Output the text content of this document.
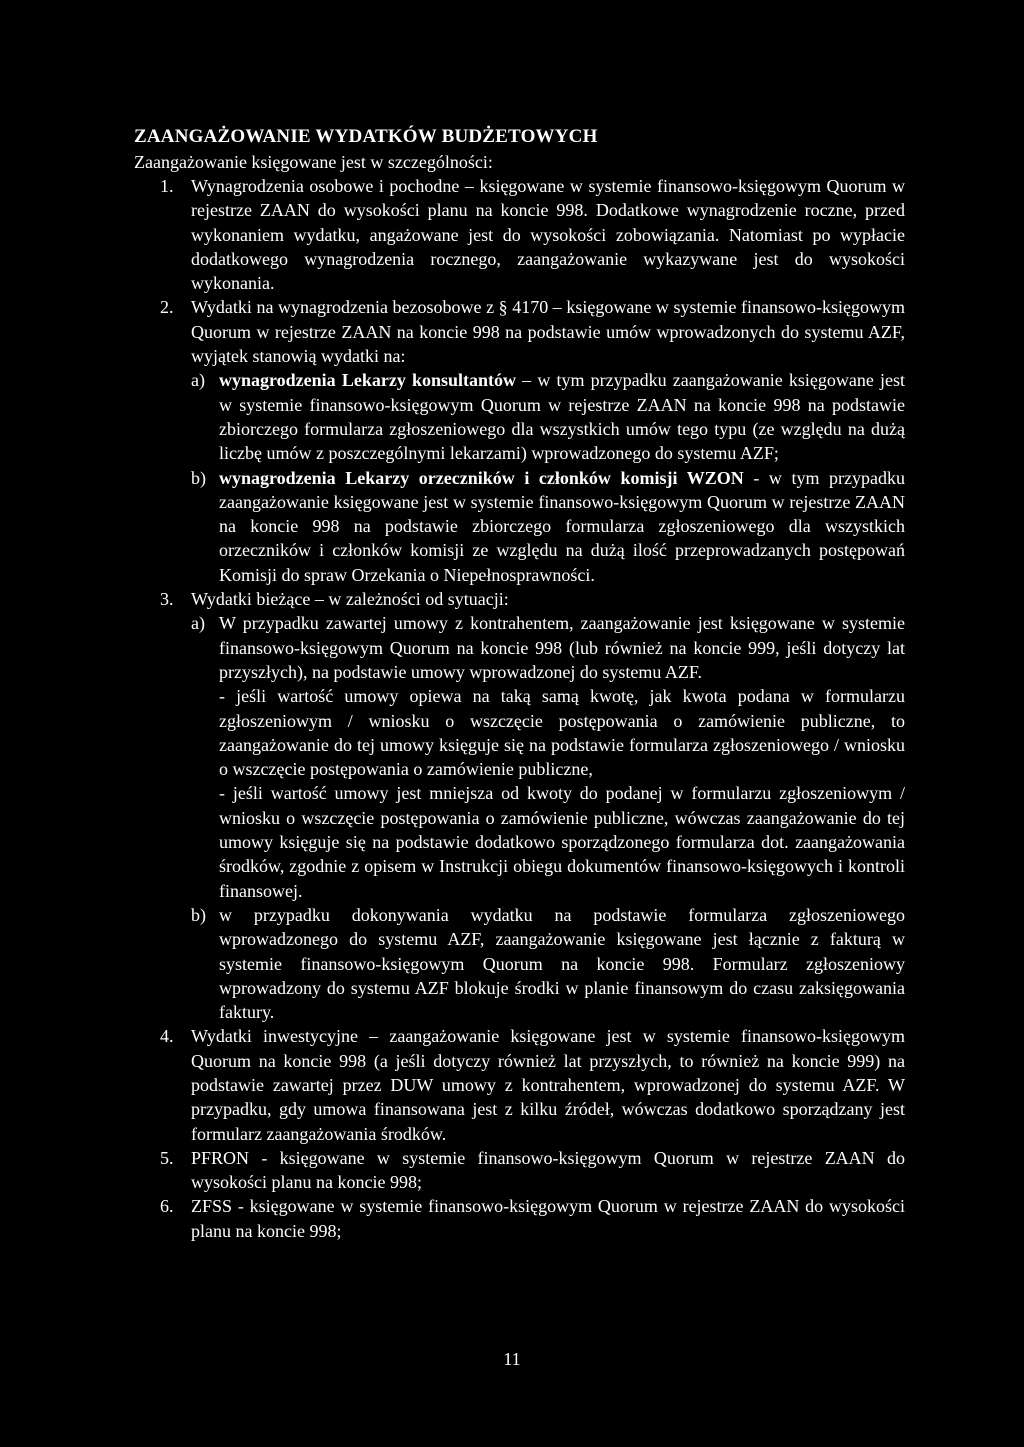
ZAANGAŻOWANIE WYDATKÓW BUDŻETOWYCH
Zaangażowanie księgowane jest w szczególności:
1. Wynagrodzenia osobowe i pochodne – księgowane w systemie finansowo-księgowym Quorum w rejestrze ZAAN do wysokości planu na koncie 998. Dodatkowe wynagrodzenie roczne, przed wykonaniem wydatku, angażowane jest do wysokości zobowiązania. Natomiast po wypłacie dodatkowego wynagrodzenia rocznego, zaangażowanie wykazywane jest do wysokości wykonania.
2. Wydatki na wynagrodzenia bezosobowe z § 4170 – księgowane w systemie finansowo-księgowym Quorum w rejestrze ZAAN na koncie 998 na podstawie umów wprowadzonych do systemu AZF, wyjątek stanowią wydatki na:
a) wynagrodzenia Lekarzy konsultantów – w tym przypadku zaangażowanie księgowane jest w systemie finansowo-księgowym Quorum w rejestrze ZAAN na koncie 998 na podstawie zbiorczego formularza zgłoszeniowego dla wszystkich umów tego typu (ze względu na dużą liczbę umów z poszczególnymi lekarzami) wprowadzonego do systemu AZF;
b) wynagrodzenia Lekarzy orzeczników i członków komisji WZON - w tym przypadku zaangażowanie księgowane jest w systemie finansowo-księgowym Quorum w rejestrze ZAAN na koncie 998 na podstawie zbiorczego formularza zgłoszeniowego dla wszystkich orzeczników i członków komisji ze względu na dużą ilość przeprowadzanych postępowań Komisji do spraw Orzekania o Niepełnosprawności.
3. Wydatki bieżące – w zależności od sytuacji:
a) W przypadku zawartej umowy z kontrahentem, zaangażowanie jest księgowane w systemie finansowo-księgowym Quorum na koncie 998 (lub również na koncie 999, jeśli dotyczy lat przyszłych), na podstawie umowy wprowadzonej do systemu AZF.
- jeśli wartość umowy opiewa na taką samą kwotę, jak kwota podana w formularzu zgłoszeniowym / wniosku o wszczęcie postępowania o zamówienie publiczne, to zaangażowanie do tej umowy księguje się na podstawie formularza zgłoszeniowego / wniosku o wszczęcie postępowania o zamówienie publiczne,
- jeśli wartość umowy jest mniejsza od kwoty do podanej w formularzu zgłoszeniowym / wniosku o wszczęcie postępowania o zamówienie publiczne, wówczas zaangażowanie do tej umowy księguje się na podstawie dodatkowo sporządzonego formularza dot. zaangażowania środków, zgodnie z opisem w Instrukcji obiegu dokumentów finansowo-księgowych i kontroli finansowej.
b) w przypadku dokonywania wydatku na podstawie formularza zgłoszeniowego wprowadzonego do systemu AZF, zaangażowanie księgowane jest łącznie z fakturą w systemie finansowo-księgowym Quorum na koncie 998. Formularz zgłoszeniowy wprowadzony do systemu AZF blokuje środki w planie finansowym do czasu zaksięgowania faktury.
4. Wydatki inwestycyjne – zaangażowanie księgowane jest w systemie finansowo-księgowym Quorum na koncie 998 (a jeśli dotyczy również lat przyszłych, to również na koncie 999) na podstawie zawartej przez DUW umowy z kontrahentem, wprowadzonej do systemu AZF. W przypadku, gdy umowa finansowana jest z kilku źródeł, wówczas dodatkowo sporządzany jest formularz zaangażowania środków.
5. PFRON - księgowane w systemie finansowo-księgowym Quorum w rejestrze ZAAN do wysokości planu na koncie 998;
6. ZFSS - księgowane w systemie finansowo-księgowym Quorum w rejestrze ZAAN do wysokości planu na koncie 998;
11
